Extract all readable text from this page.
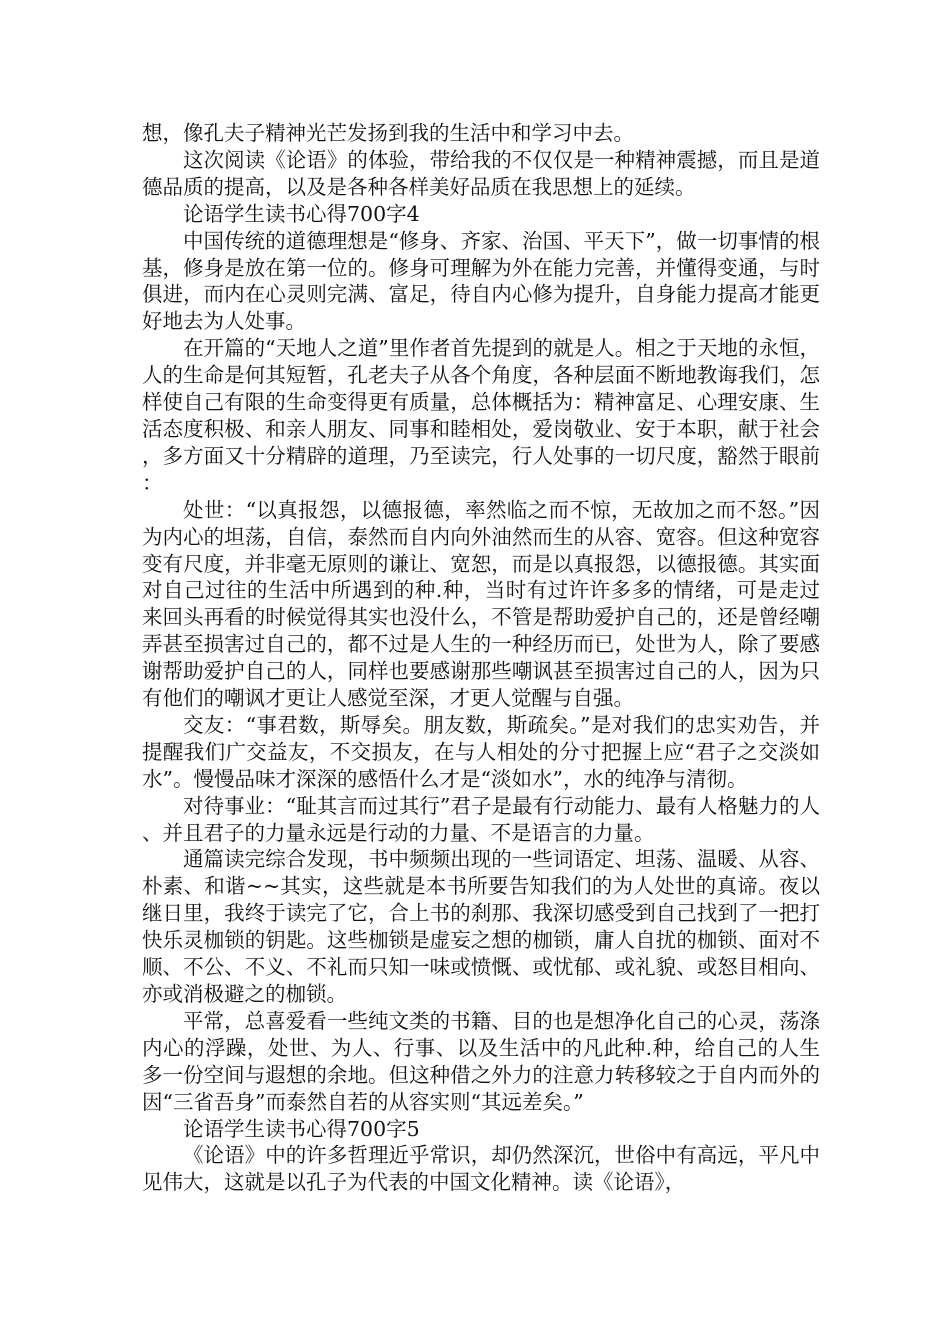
想，像孔夫子精神光芒发扬到我的生活中和学习中去。

这次阅读《论语》的体验，带给我的不仅仅是一种精神震撼，而且是道德品质的提高，以及是各种各样美好品质在我思想上的延续。

论语学生读书心得700字4

中国传统的道德理想是“修身、齐家、治国、平天下”，做一切事情的根基，修身是放在第一位的。修身可理解为外在能力完善，并懂得变通，与时俱进，而内在心灵则完满、富足，待自内心修为提升，自身能力提高才能更好地去为人处事。

在开篇的“天地人之道”里作者首先提到的就是人。相之于天地的永恒，人的生命是何其短暂，孔老夫子从各个角度，各种层面不断地教诲我们，怎样使自己有限的生命变得更有质量，总体概括为：精神富足、心理安康、生活态度积极、和亲人朋友、同事和睦相处，爱岗敬业、安于本职，献于社会，多方面又十分精辟的道理，乃至读完，行人处事的一切尺度，豁然于眼前：

处世：“以真报怨，以德报德，率然临之而不惊，无故加之而不怒。”因为内心的坦荡，自信，泰然而自内向外油然而生的从容、宽容。但这种宽容变有尺度，并非毫无原则的谦让、宽恕，而是以真报怨，以德报德。其实面对自己过往的生活中所遇到的种.种，当时有过许许多多的情绪，可是走过来回头再看的时候觉得其实也没什么，不管是帮助爱护自己的，还是曾经嘲弄甚至损害过自己的，都不过是人生的一种经历而已，处世为人，除了要感谢帮助爱护自己的人，同样也要感谢那些嘲讽甚至损害过自己的人，因为只有他们的嘲讽才更让人感觉至深，才更人觉醒与自强。

交友：“事君数，斯辱矣。朋友数，斯疏矣。”是对我们的忠实劝告，并提醒我们广交益友，不交损友，在与人相处的分寸把握上应“君子之交淡如水”。慢慢品味才深深的感悟什么才是“淡如水”，水的纯净与清彻。

对待事业：“耻其言而过其行”君子是最有行动能力、最有人格魅力的人、并且君子的力量永远是行动的力量、不是语言的力量。

通篇读完综合发现，书中频频出现的一些词语定、坦荡、温暖、从容、朴素、和谐~~其实，这些就是本书所要告知我们的为人处世的真谛。夜以继日里，我终于读完了它，合上书的刹那、我深切感受到自己找到了一把打快乐灵枷锁的钥匙。这些枷锁是虚妄之想的枷锁，庸人自扰的枷锁、面对不顺、不公、不义、不礼而只知一味或愤慨、或忧郁、或礼貌、或怒目相向、亦或消极避之的枷锁。

平常，总喜爱看一些纯文类的书籍、目的也是想净化自己的心灵，荡涤内心的浮躁，处世、为人、行事、以及生活中的凡此种.种，给自己的人生多一份空间与遐想的余地。但这种借之外力的注意力转移较之于自内而外的因“三省吾身”而泰然自若的从容实则“其远差矣。”

论语学生读书心得700字5

《论语》中的许多哲理近乎常识，却仍然深沉，世俗中有高远，平凡中见伟大，这就是以孔子为代表的中国文化精神。读《论语》，
